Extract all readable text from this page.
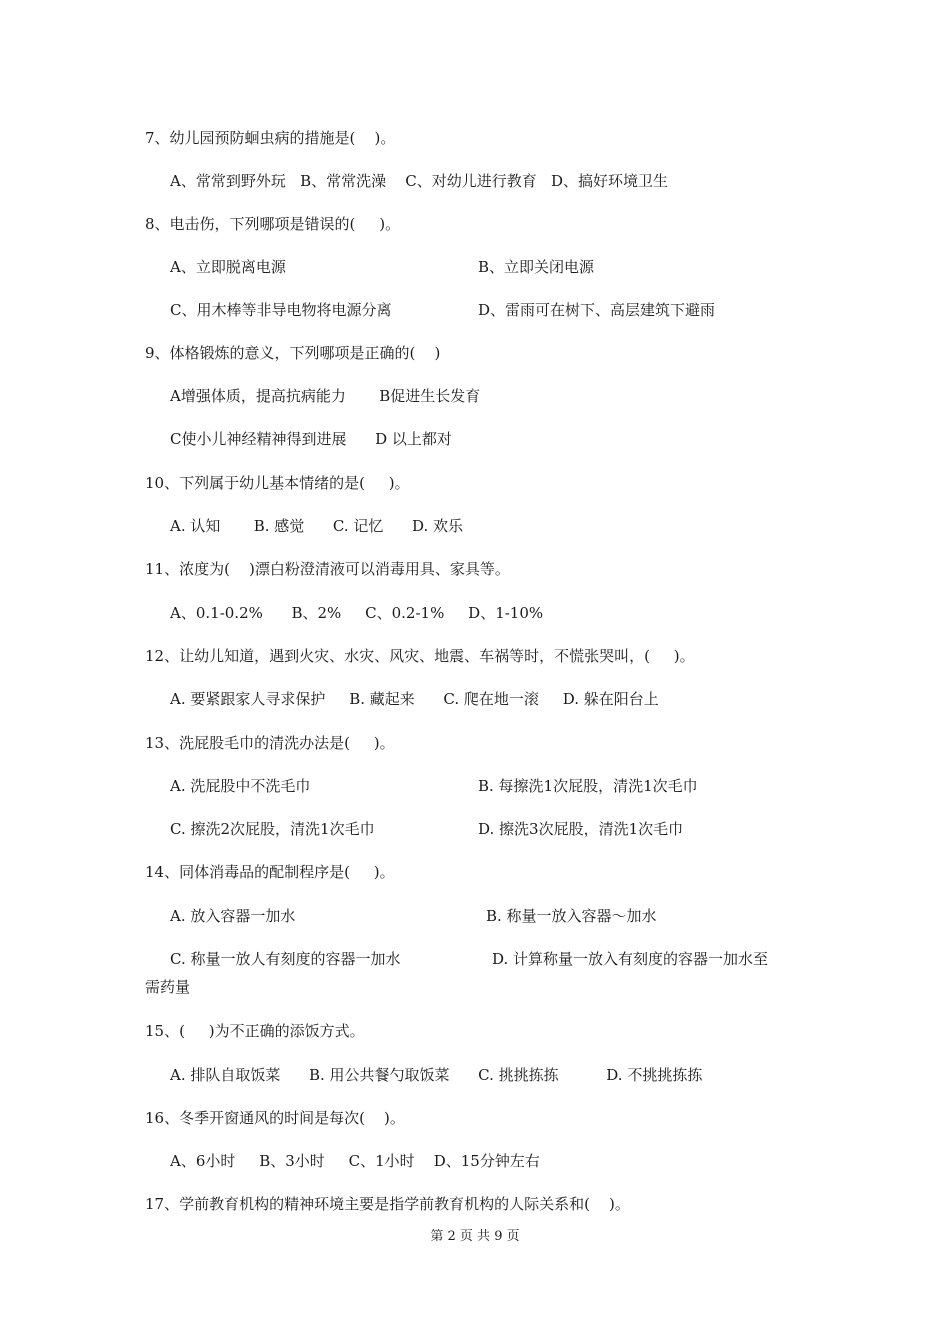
7、幼儿园预防蛔虫病的措施是(    )。
A、常常到野外玩   B、常常洗澡    C、对幼儿进行教育   D、搞好环境卫生
8、电击伤，下列哪项是错误的(     )。
A、立即脱离电源	B、立即关闭电源
C、用木棒等非导电物将电源分离	D、雷雨可在树下、高层建筑下避雨
9、体格锻炼的意义，下列哪项是正确的(    )
A增强体质，提高抗病能力       B促进生长发育
C使小儿神经精神得到进展      D 以上都对
10、下列属于幼儿基本情绪的是(     )。
A. 认知       B. 感觉      C. 记忆      D. 欢乐
11、浓度为(    )漂白粉澄清液可以消毒用具、家具等。
A、0.1-0.2%      B、2%     C、0.2-1%     D、1-10%
12、让幼儿知道，遇到火灾、水灾、风灾、地震、车祸等时，不慌张哭叫，(     )。
A. 要紧跟家人寻求保护     B. 藏起来      C. 爬在地一滚     D. 躲在阳台上
13、洗屁股毛巾的清洗办法是(     )。
A. 洗屁股中不洗毛巾	B. 每擦洗1次屁股，清洗1次毛巾
C. 擦洗2次屁股，清洗1次毛巾	D. 擦洗3次屁股，清洗1次毛巾
14、同体消毒品的配制程序是(     )。
A. 放入容器一加水	B. 称量一放入容器～加水
C. 称量一放人有刻度的容器一加水	D. 计算称量一放入有刻度的容器一加水至
需药量
15、(     )为不正确的添饭方式。
A. 排队自取饭菜      B. 用公共餐勺取饭菜      C. 挑挑拣拣          D. 不挑挑拣拣
16、冬季开窗通风的时间是每次(    )。
A、6小时     B、3小时     C、1小时    D、15分钟左右
17、学前教育机构的精神环境主要是指学前教育机构的人际关系和(    )。
第 2 页 共 9 页
